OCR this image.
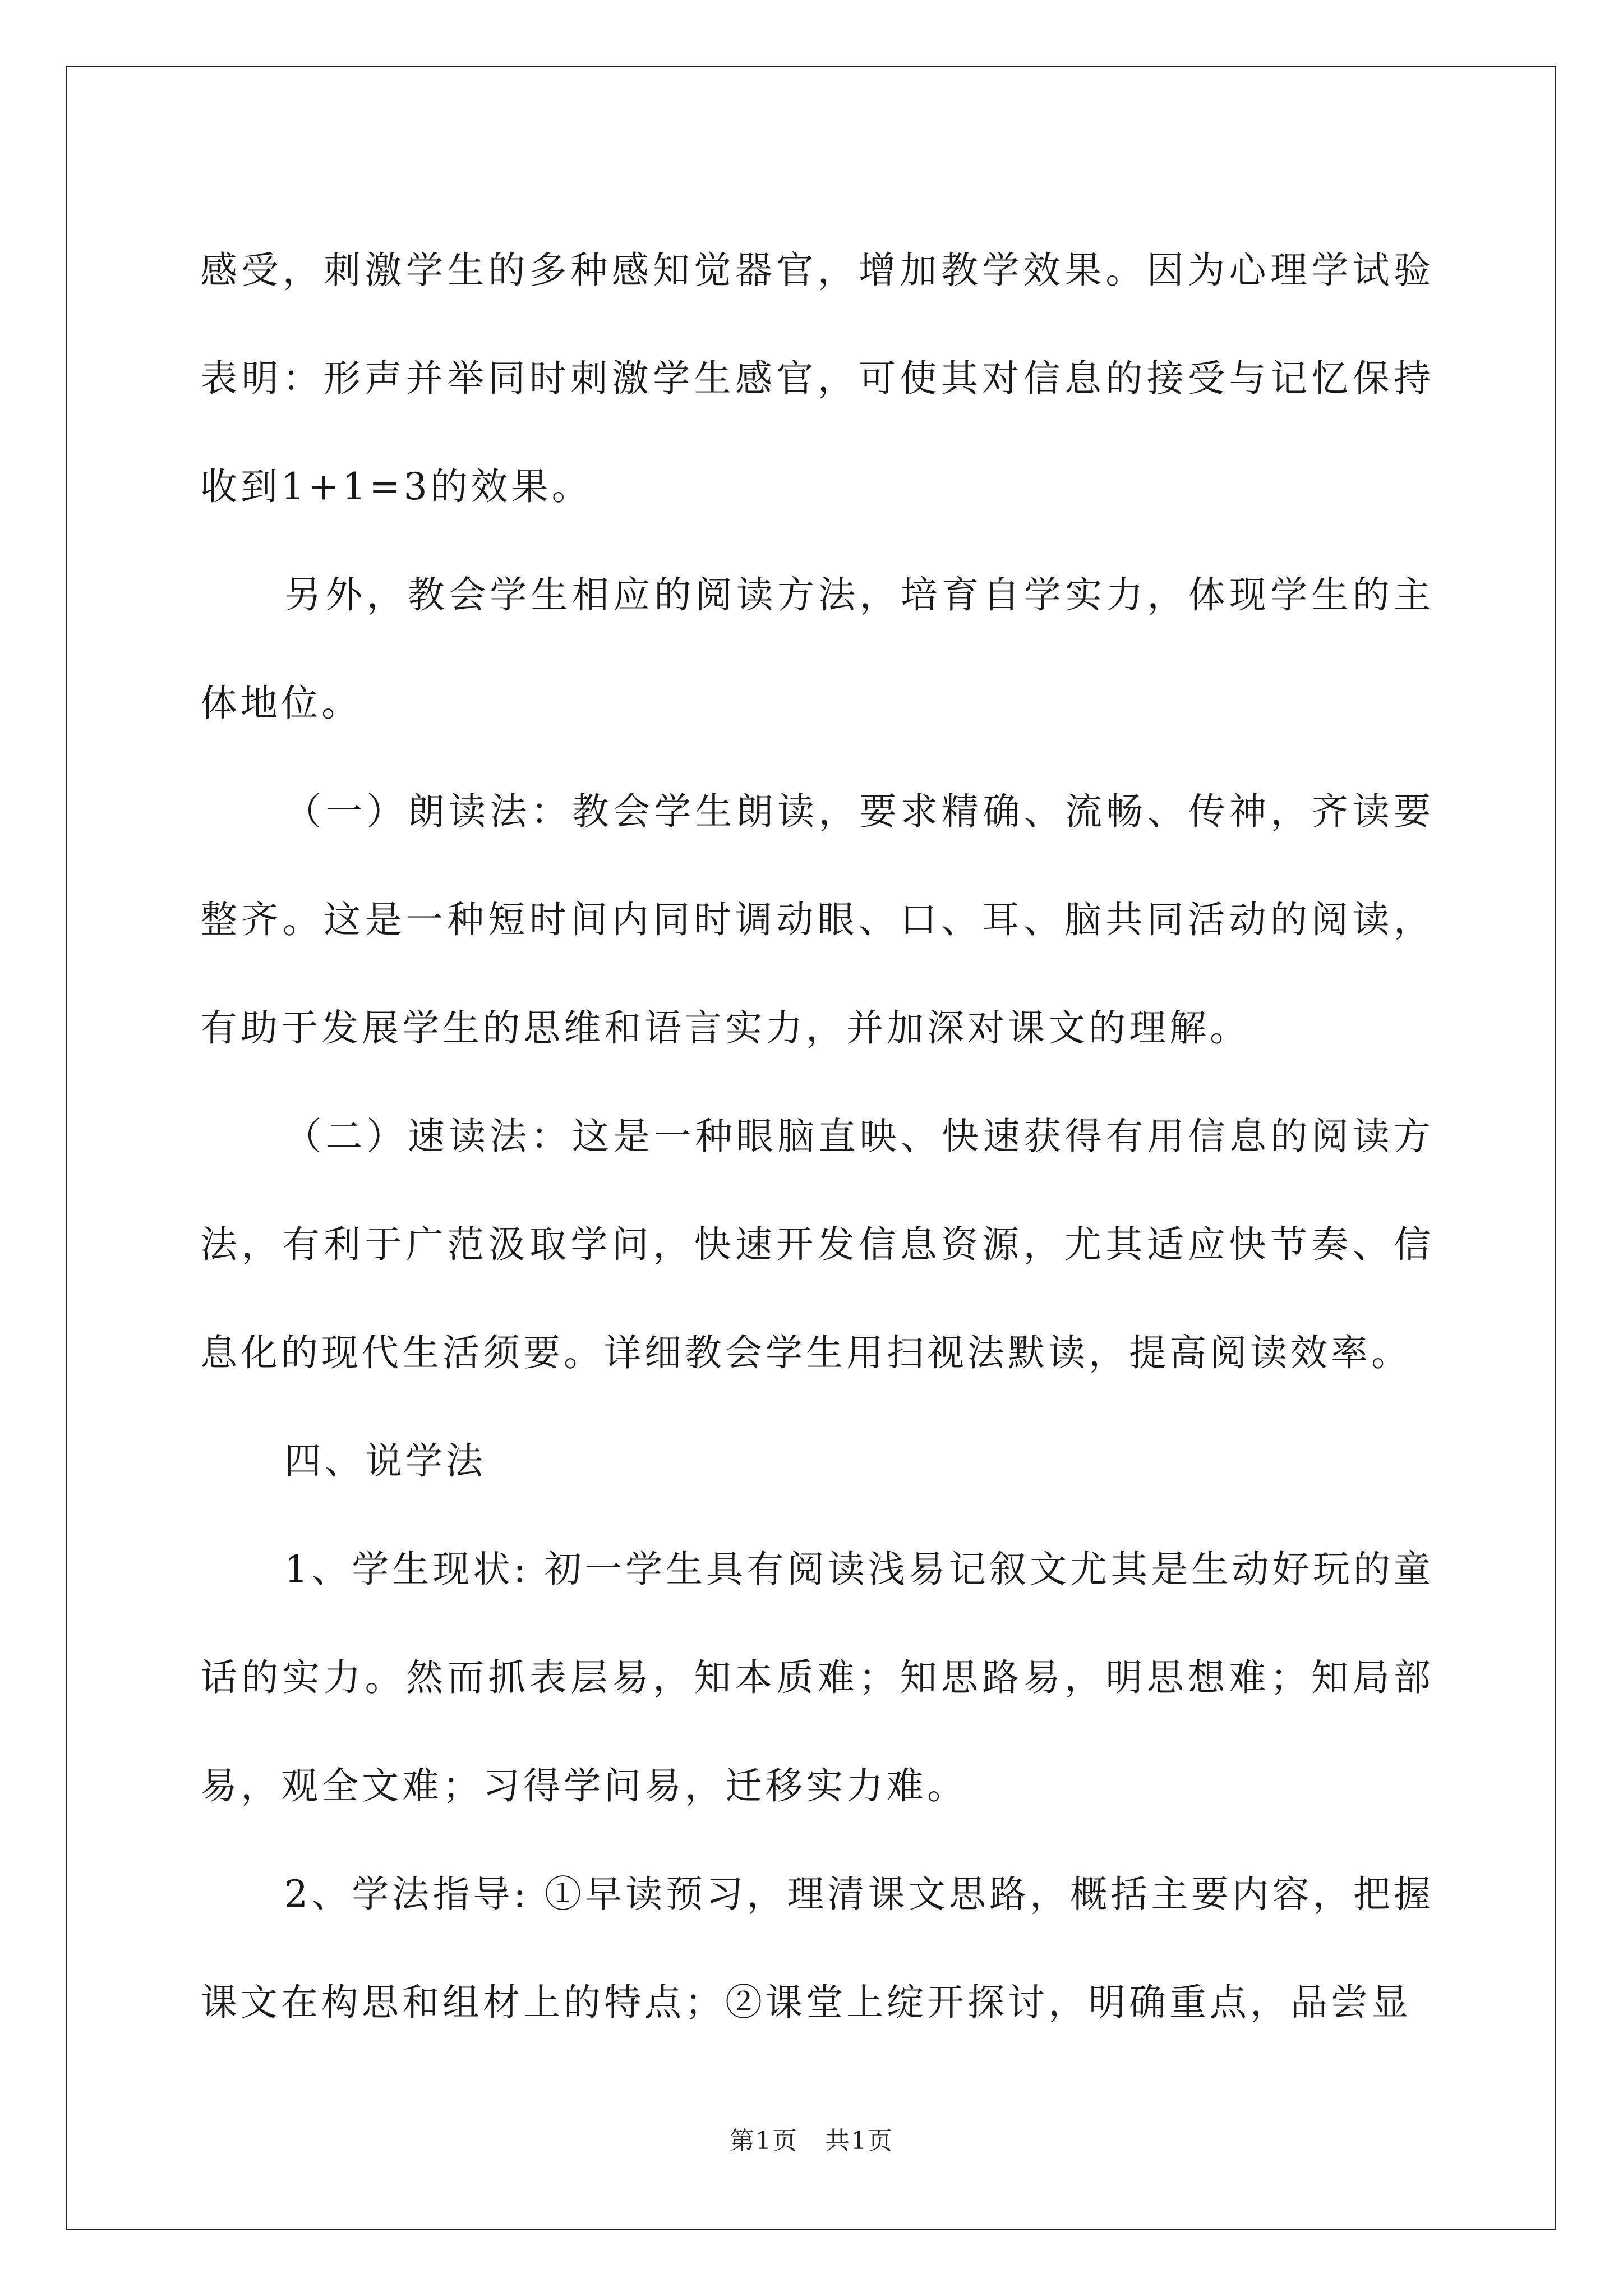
感受，刺激学生的多种感知觉器官，增加教学效果。因为心理学试验表明：形声并举同时刺激学生感官，可使其对信息的接受与记忆保持收到1+1=3的效果。

另外，教会学生相应的阅读方法，培育自学实力，体现学生的主体地位。

（一）朗读法：教会学生朗读，要求精确、流畅、传神，齐读要整齐。这是一种短时间内同时调动眼、口、耳、脑共同活动的阅读，有助于发展学生的思维和语言实力，并加深对课文的理解。

（二）速读法：这是一种眼脑直映、快速获得有用信息的阅读方法，有利于广范汲取学问，快速开发信息资源，尤其适应快节奏、信息化的现代生活须要。详细教会学生用扫视法默读，提高阅读效率。

四、说学法

1、学生现状: 初一学生具有阅读浅易记叙文尤其是生动好玩的童话的实力。然而抓表层易，知本质难；知思路易，明思想难；知局部易，观全文难；习得学问易，迁移实力难。

2、学法指导: ①早读预习，理清课文思路，概括主要内容，把握课文在构思和组材上的特点；②课堂上绽开探讨，明确重点，品尝显

第1页 共1页
